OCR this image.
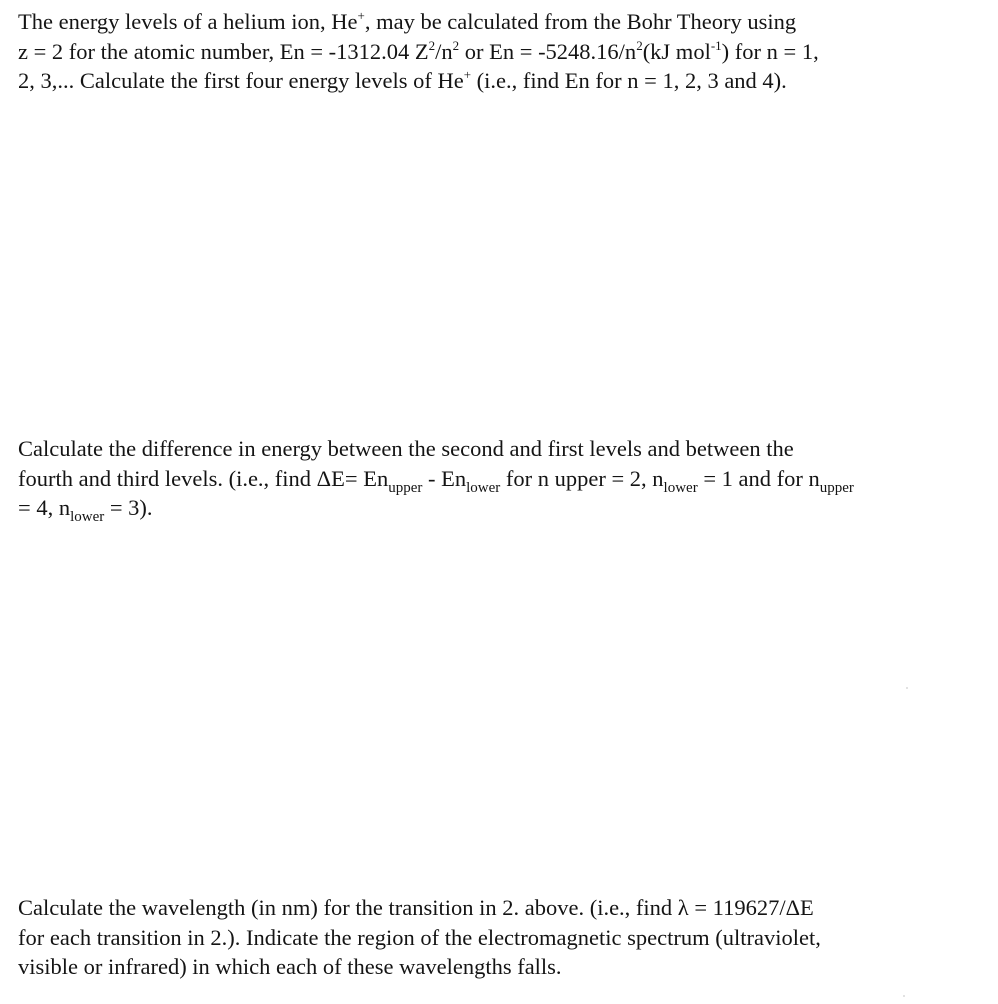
The energy levels of a helium ion, He+, may be calculated from the Bohr Theory using
z = 2 for the atomic number, En = -1312.04 $Z^2/n^2$ or $En = -5248.16/n^2(kJ$ mol$^{-1}$) for n = 1,
2, 3,... Calculate the first four energy levels of He+ (i.e., find En for n = 1, 2, 3 and 4).

Calculate the difference in energy between the second and first levels and between the
fourth and third levels. (i.e., find $\Delta E= En_{upper} - En_{lower}$ for n upper = 2, $n_{lower} = 1$ and for $n_{upper}$
= 4, $n_{lower} = 3$).

Calculate the wavelength (in nm) for the transition in 2. above. (i.e., find λ = 119627/ΔE
for each transition in 2.). Indicate the region of the electromagnetic spectrum (ultraviolet,
visible or infrared) in which each of these wavelengths falls.
